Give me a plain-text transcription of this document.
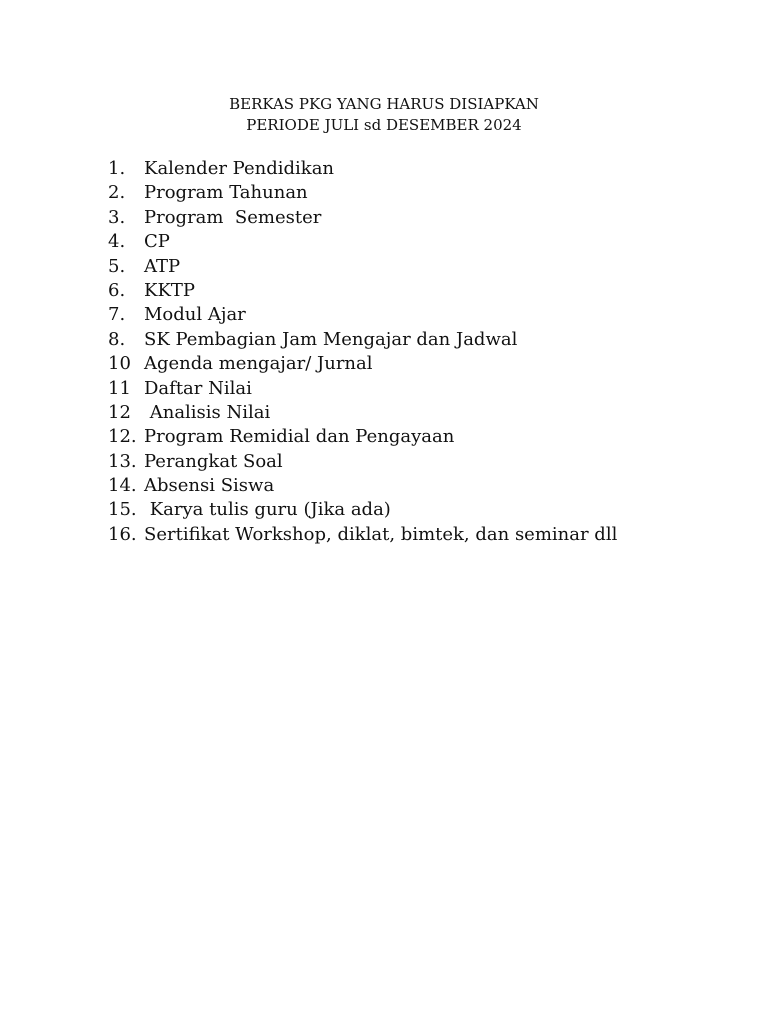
BERKAS PKG YANG HARUS DISIAPKAN
PERIODE JULI sd DESEMBER 2024
1.	Kalender Pendidikan
2.	Program Tahunan
3.	Program  Semester
4.	CP
5.	ATP
6.	KKTP
7.	Modul Ajar
8.	SK Pembagian Jam Mengajar dan Jadwal
10 Agenda mengajar/ Jurnal
11 Daftar Nilai
12 Analisis Nilai
12. Program Remidial dan Pengayaan
13. Perangkat Soal
14. Absensi Siswa
15. Karya tulis guru (Jika ada)
16. Sertifikat Workshop, diklat, bimtek, dan seminar dll
